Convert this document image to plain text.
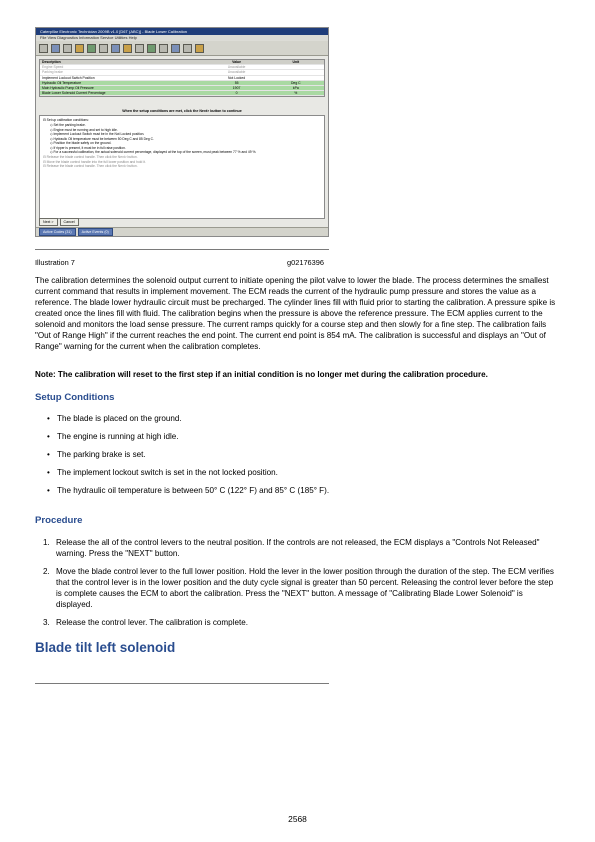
Caterpillar Electronic Technician 2009B v1.0 [D6T (ABC)] - Blade Lower Calibration
File View Diagnostics Information Service Utilities Help
Description	Value	Unit
Engine Speed	Unavailable
Parking brake	Unavailable
Implement Lockout Switch Position	Not Locked
Hydraulic Oil Temperature	55	Deg C
Main Hydraulic Pump Oil Pressure	1907	kPa
Blade Lower Solenoid Current Percentage	0	%
When the setup conditions are met, click the Next> button to continue
⊟ Set up calibration conditions:
◇ Set the parking brake.
◇ Engine must be running and set to high idle.
◇ Implement Lockout Switch must be in the Not Locked position.
◇ Hydraulic Oil temperature must be between 50 Deg C and 85 Deg C.
◇ Position the blade safely on the ground.
◇ If ripper is present, it must be in full raise position.
◇ For a successful calibration, the actual solenoid current percentage, displayed at the top of the screen, must peak between 77 % and 49 %.
⊟ Release the blade control handle. Then click the Next> button.
⊟ Move the blade control handle into the full lower position and hold it.
⊟ Release the blade control handle. Then click the Next> button.
Next >	Cancel
Active Codes (31)	Active Events (0)
Illustration 7	g02176396
The calibration determines the solenoid output current to initiate opening the pilot valve to lower the blade. The process determines the smallest current command that results in implement movement. The ECM reads the current of the hydraulic pump pressure and stores the value as a reference. The blade lower hydraulic circuit must be precharged. The cylinder lines fill with fluid prior to starting the calibration. A pressure spike is created once the lines fill with fluid. The calibration begins when the pressure is above the reference pressure. The ECM applies current to the solenoid and monitors the load sense pressure. The current ramps quickly for a course step and then slowly for a fine step. The calibration fails "Out of Range High" if the current reaches the end point. The current end point is 854 mA. The calibration is successful and displays an "Out of Range" warning for the current when the calibration completes.
Note: The calibration will reset to the first step if an initial condition is no longer met during the calibration procedure.
Setup Conditions
• The blade is placed on the ground.
• The engine is running at high idle.
• The parking brake is set.
• The implement lockout switch is set in the not locked position.
• The hydraulic oil temperature is between 50° C (122° F) and 85° C (185° F).
Procedure
1. Release the all of the control levers to the neutral position. If the controls are not released, the ECM displays a "Controls Not Released" warning. Press the "NEXT" button.
2. Move the blade control lever to the full lower position. Hold the lever in the lower position through the duration of the step. The ECM verifies that the control lever is in the lower position and the duty cycle signal is greater than 50 percent. Releasing the control lever before the step is complete causes the ECM to abort the calibration. Press the "NEXT" button. A message of "Calibrating Blade Lower Solenoid" is displayed.
3. Release the control lever. The calibration is complete.
Blade tilt left solenoid
2568
